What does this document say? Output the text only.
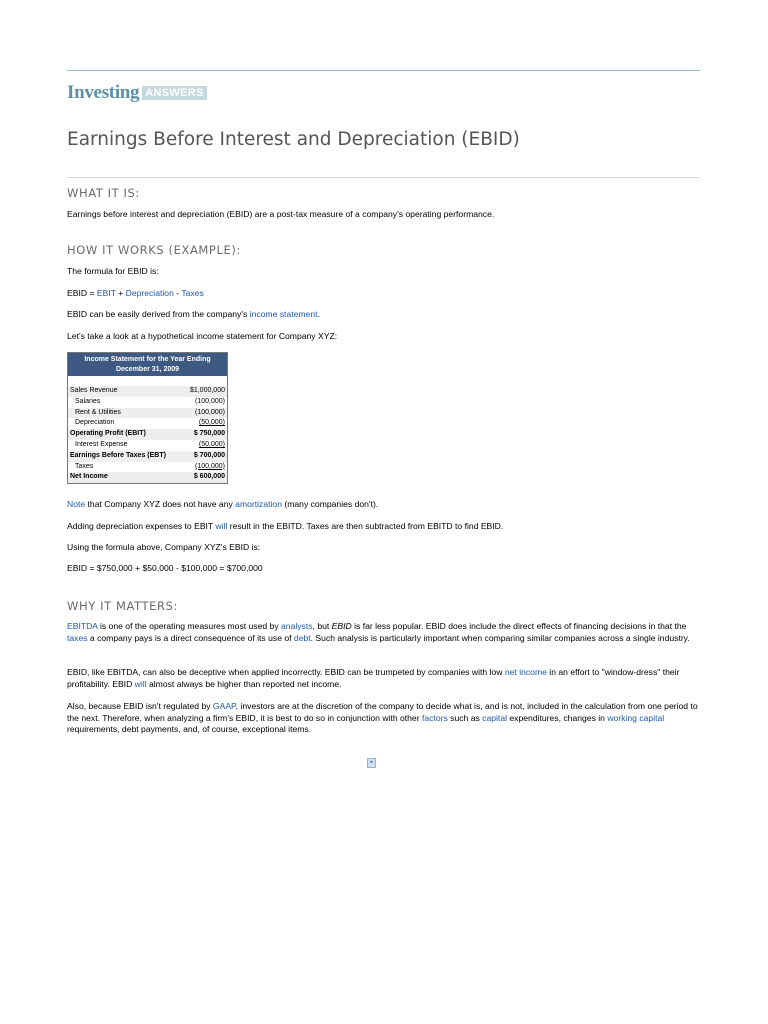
Investing ANSWERS
Earnings Before Interest and Depreciation (EBID)
WHAT IT IS:

Earnings before interest and depreciation (EBID) are a post-tax measure of a company's operating performance.

HOW IT WORKS (EXAMPLE):

The formula for EBID is:

EBID = EBIT + Depreciation - Taxes

EBID can be easily derived from the company's income statement.

Let's take a look at a hypothetical income statement for Company XYZ:

Income Statement for the Year Ending
December 31, 2009	

Sales Revenue	$1,000,000
Salaries	(100,000)
Rent & Utilities	(100,000)
Depreciation	(50,000)
Operating Profit (EBIT)	$ 750,000
Interest Expense	(50,000)
Earnings Before Taxes (EBT)	$ 700,000
Taxes	(100,000)
Net Income	$ 600,000

Note that Company XYZ does not have any amortization (many companies don't).

Adding depreciation expenses to EBIT will result in the EBITD. Taxes are then subtracted from EBITD to find EBID.

Using the formula above, Company XYZ's EBID is:

EBID = $750,000 + $50,000 - $100,000 = $700,000

WHY IT MATTERS:

EBITDA is one of the operating measures most used by analysts, but EBID is far less popular. EBID does include the direct effects of financing decisions in that the taxes a company pays is a direct consequence of its use of debt. Such analysis is particularly important when comparing similar companies across a single industry.

EBID, like EBITDA, can also be deceptive when applied incorrectly. EBID can be trumpeted by companies with low net income in an effort to "window-dress" their profitability. EBID will almost always be higher than reported net income.

Also, because EBID isn't regulated by GAAP, investors are at the discretion of the company to decide what is, and is not, included in the calculation from one period to the next. Therefore, when analyzing a firm's EBID, it is best to do so in conjunction with other factors such as capital expenditures, changes in working capital requirements, debt payments, and, of course, exceptional items.

▪
